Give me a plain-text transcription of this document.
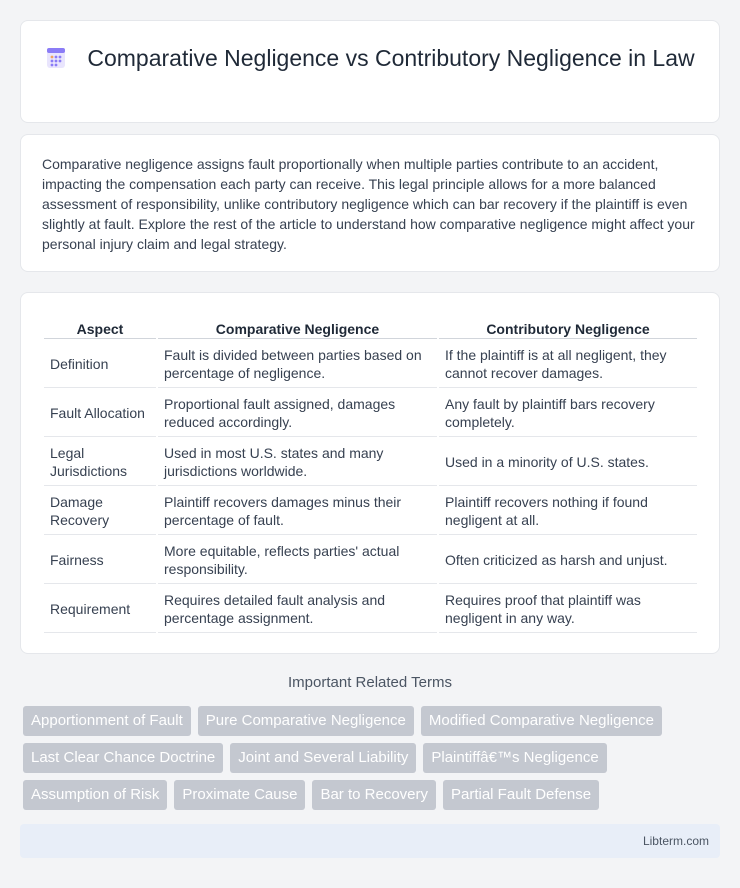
Comparative Negligence vs Contributory Negligence in Law

Comparative negligence assigns fault proportionally when multiple parties contribute to an accident, impacting the compensation each party can receive. This legal principle allows for a more balanced assessment of responsibility, unlike contributory negligence which can bar recovery if the plaintiff is even slightly at fault. Explore the rest of the article to understand how comparative negligence might affect your personal injury claim and legal strategy.

Aspect	Comparative Negligence	Contributory Negligence
Definition	Fault is divided between parties based on percentage of negligence.	If the plaintiff is at all negligent, they cannot recover damages.
Fault Allocation	Proportional fault assigned, damages reduced accordingly.	Any fault by plaintiff bars recovery completely.
Legal Jurisdictions	Used in most U.S. states and many jurisdictions worldwide.	Used in a minority of U.S. states.
Damage Recovery	Plaintiff recovers damages minus their percentage of fault.	Plaintiff recovers nothing if found negligent at all.
Fairness	More equitable, reflects parties' actual responsibility.	Often criticized as harsh and unjust.
Requirement	Requires detailed fault analysis and percentage assignment.	Requires proof that plaintiff was negligent in any way.
Important Related Terms
Apportionment of Fault	Pure Comparative Negligence	Modified Comparative Negligence
Last Clear Chance Doctrine	Joint and Several Liability	Plaintiffâ€™s Negligence
Assumption of Risk	Proximate Cause	Bar to Recovery	Partial Fault Defense
Libterm.com
